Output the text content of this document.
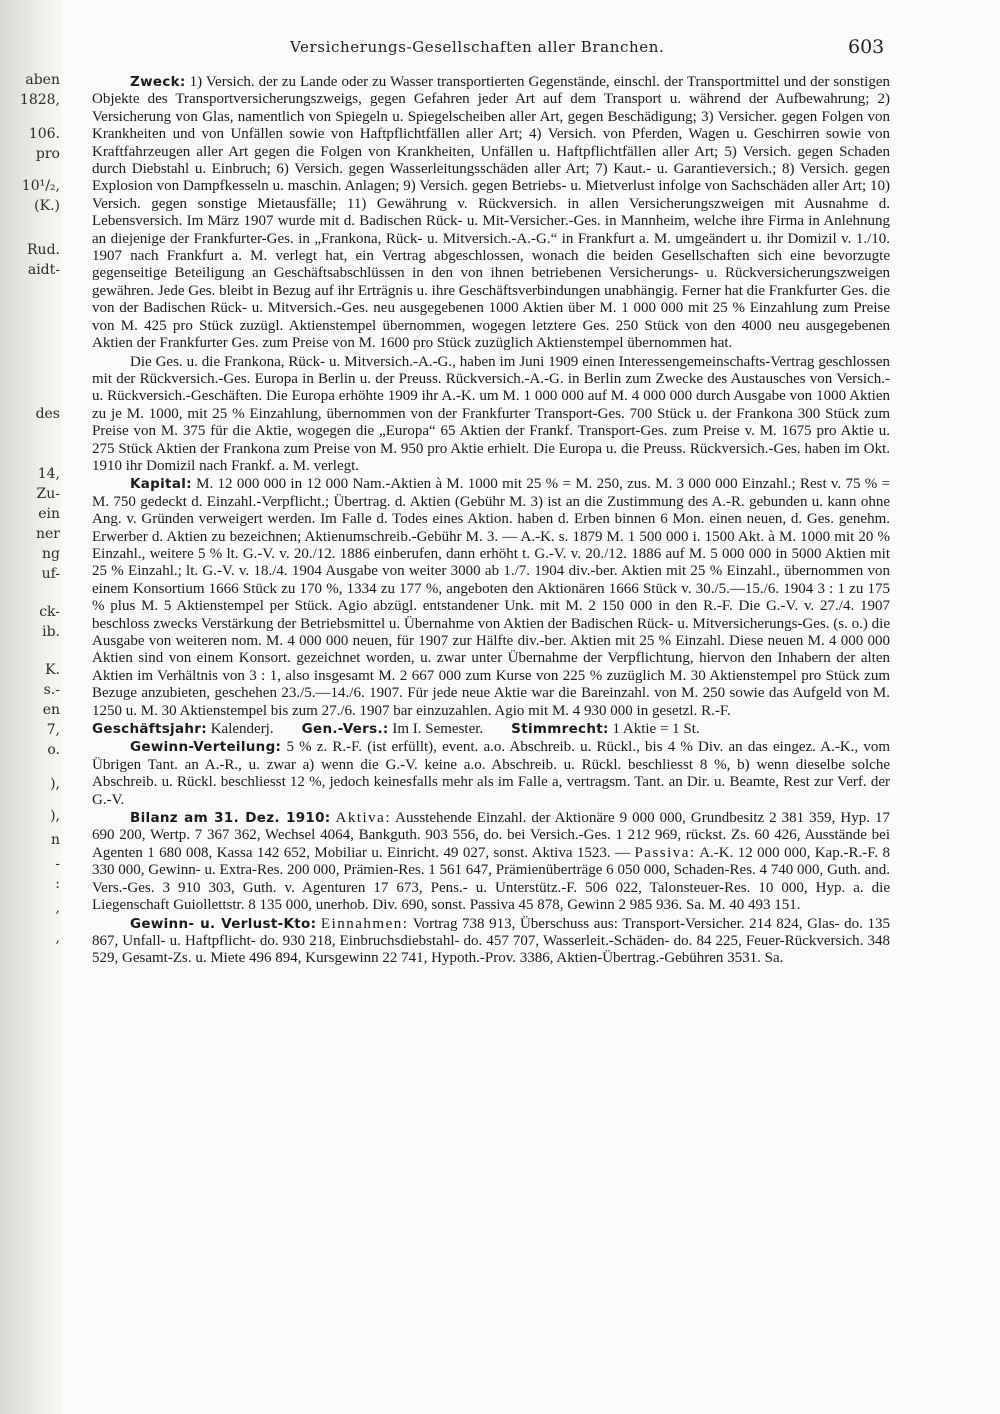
aben
1828,
106.
pro
10¹/₂,
(K.)
Rud.
aidt-
des
14,
Zu-
ein
ner
ng
uf-
ck-
ib.
K.
s.-
en
7,
o.
),
),
n
-
:
,
,
Versicherungs-Gesellschaften aller Branchen.	603

Zweck: 1) Versich. der zu Lande oder zu Wasser transportierten Gegenstände, einschl. der Transportmittel und der sonstigen Objekte des Transportversicherungszweigs, gegen Gefahren jeder Art auf dem Transport u. während der Aufbewahrung; 2) Versicherung von Glas, namentlich von Spiegeln u. Spiegelscheiben aller Art, gegen Beschädigung; 3) Versicher. gegen Folgen von Krankheiten und von Unfällen sowie von Haftpflichtfällen aller Art; 4) Versich. von Pferden, Wagen u. Geschirren sowie von Kraftfahrzeugen aller Art gegen die Folgen von Krankheiten, Unfällen u. Haftpflichtfällen aller Art; 5) Versich. gegen Schaden durch Diebstahl u. Einbruch; 6) Versich. gegen Wasserleitungsschäden aller Art; 7) Kaut.- u. Garantieversich.; 8) Versich. gegen Explosion von Dampfkesseln u. maschin. Anlagen; 9) Versich. gegen Betriebs- u. Mietverlust infolge von Sachschäden aller Art; 10) Versich. gegen sonstige Mietausfälle; 11) Gewährung v. Rückversich. in allen Versicherungszweigen mit Ausnahme d. Lebensversich. Im März 1907 wurde mit d. Badischen Rück- u. Mit-Versicher.-Ges. in Mannheim, welche ihre Firma in Anlehnung an diejenige der Frankfurter-Ges. in „Frankona, Rück- u. Mitversich.-A.-G.“ in Frankfurt a. M. umgeändert u. ihr Domizil v. 1./10. 1907 nach Frankfurt a. M. verlegt hat, ein Vertrag abgeschlossen, wonach die beiden Gesellschaften sich eine bevorzugte gegenseitige Beteiligung an Geschäftsabschlüssen in den von ihnen betriebenen Versicherungs- u. Rückversicherungszweigen gewähren. Jede Ges. bleibt in Bezug auf ihr Erträgnis u. ihre Geschäftsverbindungen unabhängig. Ferner hat die Frankfurter Ges. die von der Badischen Rück- u. Mitversich.-Ges. neu ausgegebenen 1000 Aktien über M. 1 000 000 mit 25 % Einzahlung zum Preise von M. 425 pro Stück zuzügl. Aktienstempel übernommen, wogegen letztere Ges. 250 Stück von den 4000 neu ausgegebenen Aktien der Frankfurter Ges. zum Preise von M. 1600 pro Stück zuzüglich Aktienstempel übernommen hat.

Die Ges. u. die Frankona, Rück- u. Mitversich.-A.-G., haben im Juni 1909 einen Interessengemeinschafts-Vertrag geschlossen mit der Rückversich.-Ges. Europa in Berlin u. der Preuss. Rückversich.-A.-G. in Berlin zum Zwecke des Austausches von Versich.- u. Rückversich.-Geschäften. Die Europa erhöhte 1909 ihr A.-K. um M. 1 000 000 auf M. 4 000 000 durch Ausgabe von 1000 Aktien zu je M. 1000, mit 25 % Einzahlung, übernommen von der Frankfurter Transport-Ges. 700 Stück u. der Frankona 300 Stück zum Preise von M. 375 für die Aktie, wogegen die „Europa“ 65 Aktien der Frankf. Transport-Ges. zum Preise v. M. 1675 pro Aktie u. 275 Stück Aktien der Frankona zum Preise von M. 950 pro Aktie erhielt. Die Europa u. die Preuss. Rückversich.-Ges. haben im Okt. 1910 ihr Domizil nach Frankf. a. M. verlegt.

Kapital: M. 12 000 000 in 12 000 Nam.-Aktien à M. 1000 mit 25 % = M. 250, zus. M. 3 000 000 Einzahl.; Rest v. 75 % = M. 750 gedeckt d. Einzahl.-Verpflicht.; Übertrag. d. Aktien (Gebühr M. 3) ist an die Zustimmung des A.-R. gebunden u. kann ohne Ang. v. Gründen verweigert werden. Im Falle d. Todes eines Aktion. haben d. Erben binnen 6 Mon. einen neuen, d. Ges. genehm. Erwerber d. Aktien zu bezeichnen; Aktienumschreib.-Gebühr M. 3. — A.-K. s. 1879 M. 1 500 000 i. 1500 Akt. à M. 1000 mit 20 % Einzahl., weitere 5 % lt. G.-V. v. 20./12. 1886 einberufen, dann erhöht t. G.-V. v. 20./12. 1886 auf M. 5 000 000 in 5000 Aktien mit 25 % Einzahl.; lt. G.-V. v. 18./4. 1904 Ausgabe von weiter 3000 ab 1./7. 1904 div.-ber. Aktien mit 25 % Einzahl., übernommen von einem Konsortium 1666 Stück zu 170 %, 1334 zu 177 %, angeboten den Aktionären 1666 Stück v. 30./5.—15./6. 1904 3 : 1 zu 175 % plus M. 5 Aktienstempel per Stück. Agio abzügl. entstandener Unk. mit M. 2 150 000 in den R.-F. Die G.-V. v. 27./4. 1907 beschloss zwecks Verstärkung der Betriebsmittel u. Übernahme von Aktien der Badischen Rück- u. Mitversicherungs-Ges. (s. o.) die Ausgabe von weiteren nom. M. 4 000 000 neuen, für 1907 zur Hälfte div.-ber. Aktien mit 25 % Einzahl. Diese neuen M. 4 000 000 Aktien sind von einem Konsort. gezeichnet worden, u. zwar unter Übernahme der Verpflichtung, hiervon den Inhabern der alten Aktien im Verhältnis von 3 : 1, also insgesamt M. 2 667 000 zum Kurse von 225 % zuzüglich M. 30 Aktienstempel pro Stück zum Bezuge anzubieten, geschehen 23./5.—14./6. 1907. Für jede neue Aktie war die Bareinzahl. von M. 250 sowie das Aufgeld von M. 1250 u. M. 30 Aktienstempel bis zum 27./6. 1907 bar einzuzahlen. Agio mit M. 4 930 000 in gesetzl. R.-F.

Geschäftsjahr: Kalenderj. Gen.-Vers.: Im I. Semester. Stimmrecht: 1 Aktie = 1 St.

Gewinn-Verteilung: 5 % z. R.-F. (ist erfüllt), event. a.o. Abschreib. u. Rückl., bis 4 % Div. an das eingez. A.-K., vom Übrigen Tant. an A.-R., u. zwar a) wenn die G.-V. keine a.o. Abschreib. u. Rückl. beschliesst 8 %, b) wenn dieselbe solche Abschreib. u. Rückl. beschliesst 12 %, jedoch keinesfalls mehr als im Falle a, vertragsm. Tant. an Dir. u. Beamte, Rest zur Verf. der G.-V.

Bilanz am 31. Dez. 1910: Aktiva: Ausstehende Einzahl. der Aktionäre 9 000 000, Grundbesitz 2 381 359, Hyp. 17 690 200, Wertp. 7 367 362, Wechsel 4064, Bankguth. 903 556, do. bei Versich.-Ges. 1 212 969, rückst. Zs. 60 426, Ausstände bei Agenten 1 680 008, Kassa 142 652, Mobiliar u. Einricht. 49 027, sonst. Aktiva 1523. — Passiva: A.-K. 12 000 000, Kap.-R.-F. 8 330 000, Gewinn- u. Extra-Res. 200 000, Prämien-Res. 1 561 647, Prämienüberträge 6 050 000, Schaden-Res. 4 740 000, Guth. and. Vers.-Ges. 3 910 303, Guth. v. Agenturen 17 673, Pens.- u. Unterstütz.-F. 506 022, Talonsteuer-Res. 10 000, Hyp. a. die Liegenschaft Guiollettstr. 8 135 000, unerhob. Div. 690, sonst. Passiva 45 878, Gewinn 2 985 936. Sa. M. 40 493 151.

Gewinn- u. Verlust-Kto: Einnahmen: Vortrag 738 913, Überschuss aus: Transport-Versicher. 214 824, Glas- do. 135 867, Unfall- u. Haftpflicht- do. 930 218, Einbruchsdiebstahl- do. 457 707, Wasserleit.-Schäden- do. 84 225, Feuer-Rückversich. 348 529, Gesamt-Zs. u. Miete 496 894, Kursgewinn 22 741, Hypoth.-Prov. 3386, Aktien-Übertrag.-Gebühren 3531. Sa.
